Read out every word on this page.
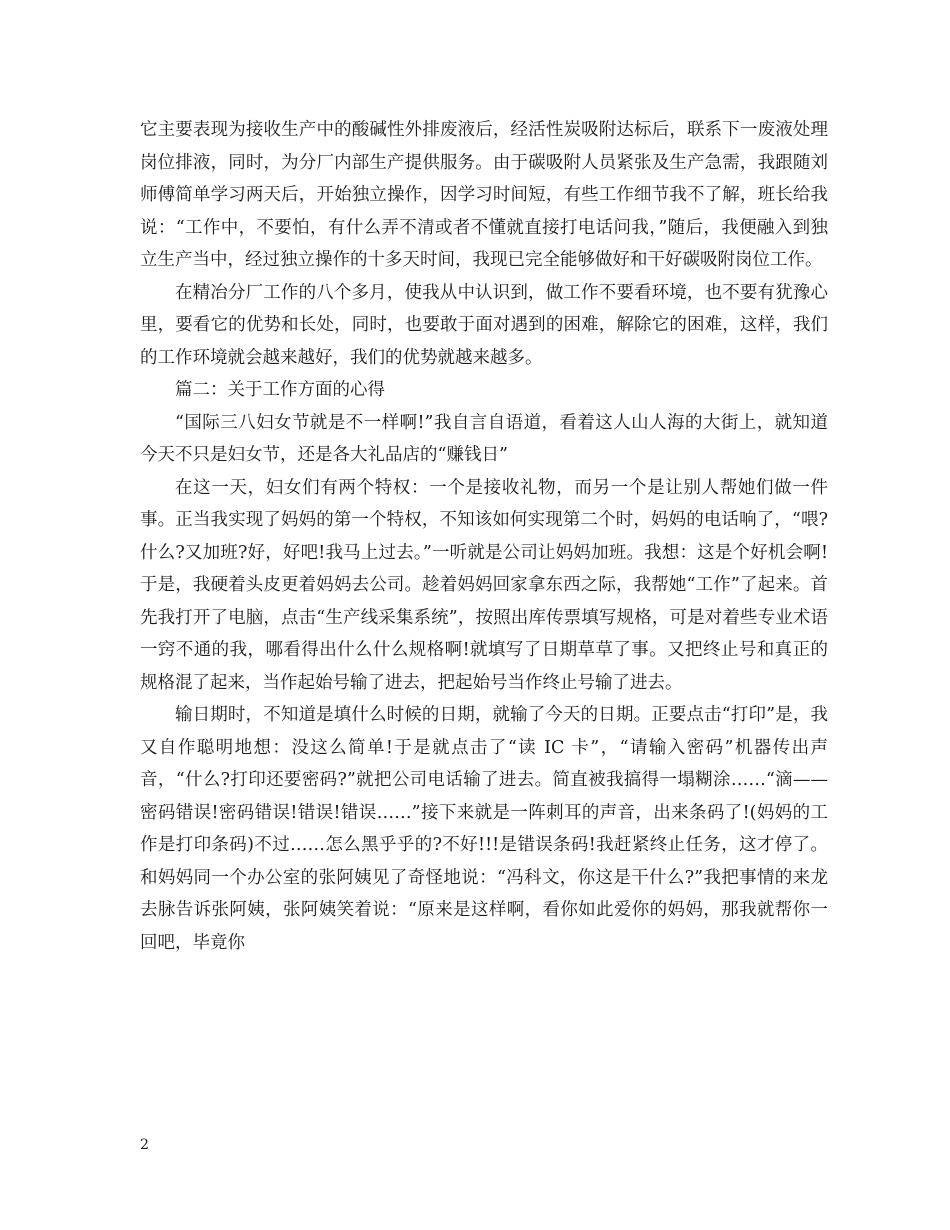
它主要表现为接收生产中的酸碱性外排废液后，经活性炭吸附达标后，联系下一废液处理岗位排液，同时，为分厂内部生产提供服务。由于碳吸附人员紧张及生产急需，我跟随刘师傅简单学习两天后，开始独立操作，因学习时间短，有些工作细节我不了解，班长给我说：“工作中，不要怕，有什么弄不清或者不懂就直接打电话问我，”随后，我便融入到独立生产当中，经过独立操作的十多天时间，我现已完全能够做好和干好碳吸附岗位工作。

在精冶分厂工作的八个多月，使我从中认识到，做工作不要看环境，也不要有犹豫心里，要看它的优势和长处，同时，也要敢于面对遇到的困难，解除它的困难，这样，我们的工作环境就会越来越好，我们的优势就越来越多。

篇二：关于工作方面的心得

“国际三八妇女节就是不一样啊!”我自言自语道，看着这人山人海的大街上，就知道今天不只是妇女节，还是各大礼品店的“赚钱日”

在这一天，妇女们有两个特权：一个是接收礼物，而另一个是让别人帮她们做一件事。正当我实现了妈妈的第一个特权，不知该如何实现第二个时，妈妈的电话响了，“喂?什么?又加班?好，好吧!我马上过去。”一听就是公司让妈妈加班。我想：这是个好机会啊!于是，我硬着头皮更着妈妈去公司。趁着妈妈回家拿东西之际，我帮她“工作”了起来。首先我打开了电脑，点击“生产线采集系统”，按照出库传票填写规格，可是对着些专业术语一窍不通的我，哪看得出什么什么规格啊!就填写了日期草草了事。又把终止号和真正的规格混了起来，当作起始号输了进去，把起始号当作终止号输了进去。

输日期时，不知道是填什么时候的日期，就输了今天的日期。正要点击“打印”是，我又自作聪明地想：没这么简单!于是就点击了“读 IC 卡”，“请输入密码”机器传出声音，“什么?打印还要密码?”就把公司电话输了进去。简直被我搞得一塌糊涂……“滴——密码错误!密码错误!错误!错误……”接下来就是一阵刺耳的声音，出来条码了!(妈妈的工作是打印条码)不过……怎么黑乎乎的?不好!!!是错误条码!我赶紧终止任务，这才停了。和妈妈同一个办公室的张阿姨见了奇怪地说：“冯科文，你这是干什么?”我把事情的来龙去脉告诉张阿姨，张阿姨笑着说：“原来是这样啊，看你如此爱你的妈妈，那我就帮你一回吧，毕竟你

2
